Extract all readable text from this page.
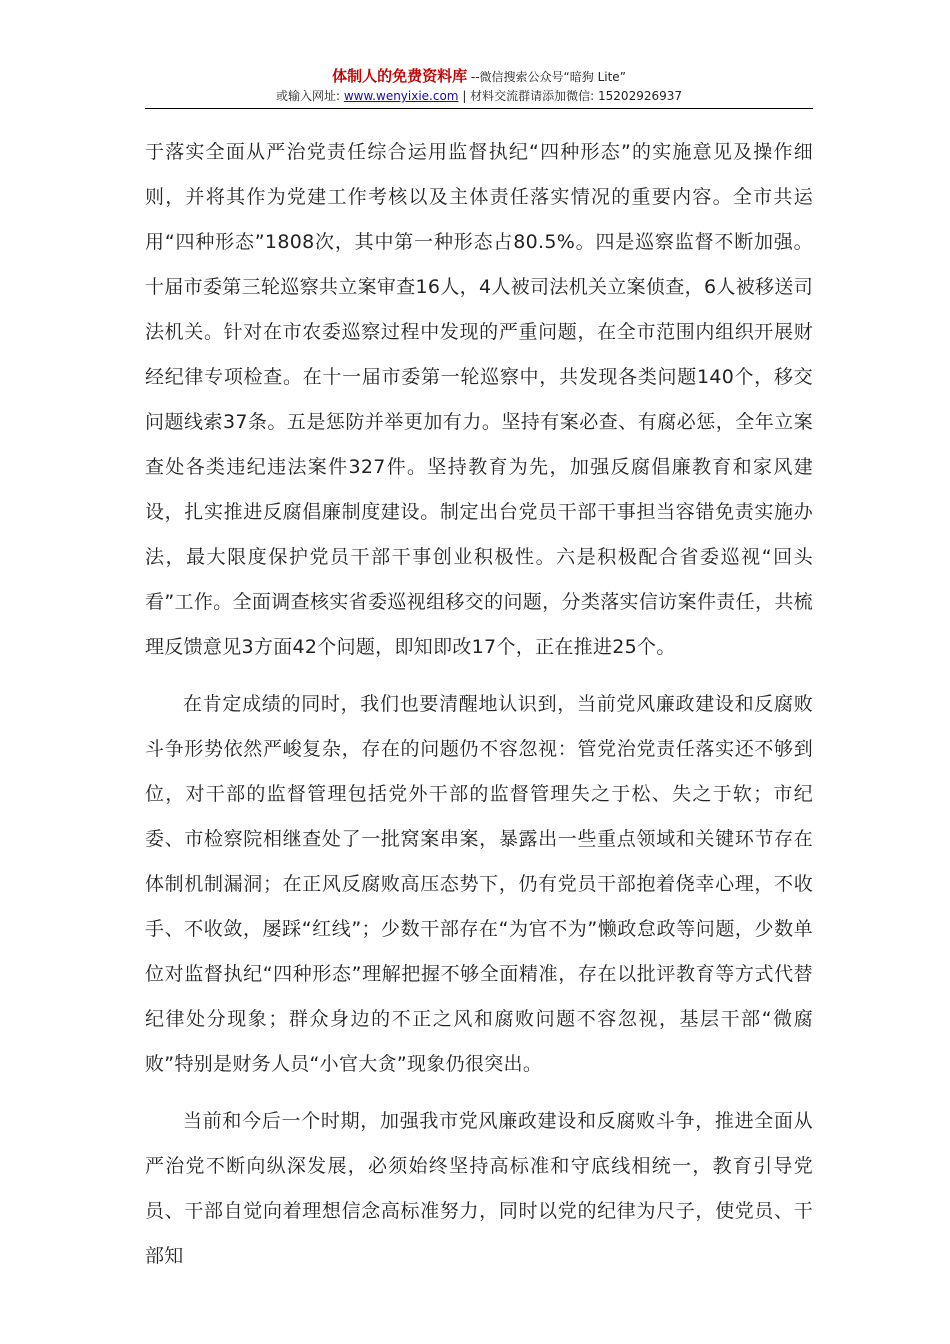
体制人的免费资料库 --微信搜索公众号“暗狗 Lite”
或输入网址: www.wenyixie.com | 材料交流群请添加微信: 15202926937

于落实全面从严治党责任综合运用监督执纪“四种形态”的实施意见及操作细则，并将其作为党建工作考核以及主体责任落实情况的重要内容。全市共运用“四种形态”1808次，其中第一种形态占80.5%。四是巡察监督不断加强。十届市委第三轮巡察共立案审查16人，4人被司法机关立案侦查，6人被移送司法机关。针对在市农委巡察过程中发现的严重问题，在全市范围内组织开展财经纪律专项检查。在十一届市委第一轮巡察中，共发现各类问题140个，移交问题线索37条。五是惩防并举更加有力。坚持有案必查、有腐必惩，全年立案查处各类违纪违法案件327件。坚持教育为先，加强反腐倡廉教育和家风建设，扎实推进反腐倡廉制度建设。制定出台党员干部干事担当容错免责实施办法，最大限度保护党员干部干事创业积极性。六是积极配合省委巡视“回头看”工作。全面调查核实省委巡视组移交的问题，分类落实信访案件责任，共梳理反馈意见3方面42个问题，即知即改17个，正在推进25个。

在肯定成绩的同时，我们也要清醒地认识到，当前党风廉政建设和反腐败斗争形势依然严峻复杂，存在的问题仍不容忽视：管党治党责任落实还不够到位，对干部的监督管理包括党外干部的监督管理失之于松、失之于软；市纪委、市检察院相继查处了一批窝案串案，暴露出一些重点领域和关键环节存在体制机制漏洞；在正风反腐败高压态势下，仍有党员干部抱着侥幸心理，不收手、不收敛，屡踩“红线”；少数干部存在“为官不为”懒政怠政等问题，少数单位对监督执纪“四种形态”理解把握不够全面精准，存在以批评教育等方式代替纪律处分现象；群众身边的不正之风和腐败问题不容忽视，基层干部“微腐败”特别是财务人员“小官大贪”现象仍很突出。

当前和今后一个时期，加强我市党风廉政建设和反腐败斗争，推进全面从严治党不断向纵深发展，必须始终坚持高标准和守底线相统一，教育引导党员、干部自觉向着理想信念高标准努力，同时以党的纪律为尺子，使党员、干部知
